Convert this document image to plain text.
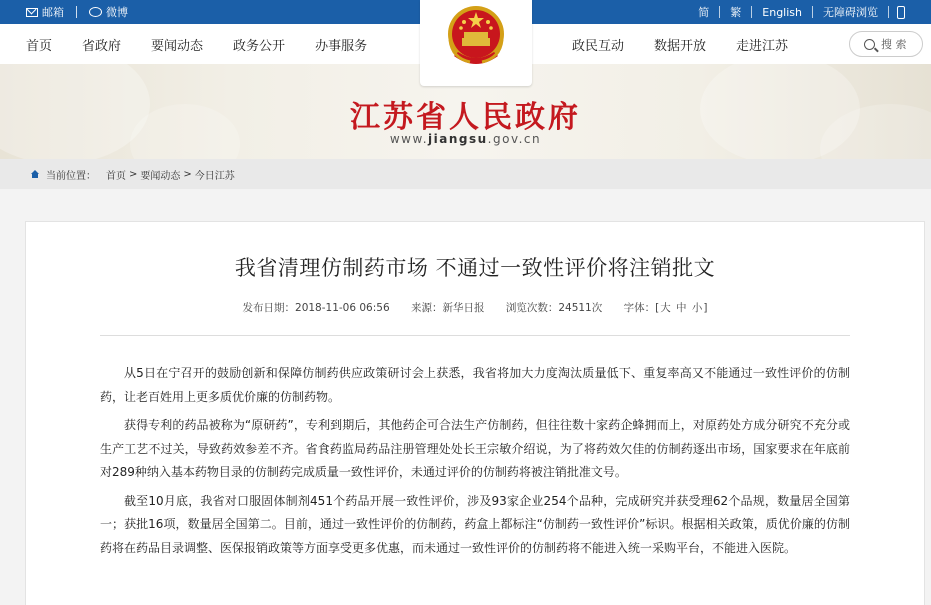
邮箱	微博	简	繁	English	无障碍浏览
首页 省政府 要闻动态 政务公开 办事服务	政民互动 数据开放 走进江苏	搜 索
江苏省人民政府
www.jiangsu.gov.cn
当前位置： 首页 > 要闻动态 > 今日江苏
我省清理仿制药市场 不通过一致性评价将注销批文
发布日期：2018-11-06 06:56 来源：新华日报 浏览次数：24511次 字体：[大 中 小]

从5日在宁召开的鼓励创新和保障仿制药供应政策研讨会上获悉，我省将加大力度淘汰质量低下、重复率高又不能通过一致性评价的仿制药，让老百姓用上更多质优价廉的仿制药物。

获得专利的药品被称为“原研药”，专利到期后，其他药企可合法生产仿制药，但往往数十家药企蜂拥而上，对原药处方成分研究不充分或生产工艺不过关，导致药效参差不齐。省食药监局药品注册管理处处长王宗敏介绍说，为了将药效欠佳的仿制药逐出市场，国家要求在年底前对289种纳入基本药物目录的仿制药完成质量一致性评价，未通过评价的仿制药将被注销批准文号。

截至10月底，我省对口服固体制剂451个药品开展一致性评价，涉及93家企业254个品种，完成研究并获受理62个品规，数量居全国第一；获批16项，数量居全国第二。目前，通过一致性评价的仿制药，药盒上都标注“仿制药一致性评价”标识。根据相关政策，质优价廉的仿制药将在药品目录调整、医保报销政策等方面享受更多优惠，而未通过一致性评价的仿制药将不能进入统一采购平台，不能进入医院。
